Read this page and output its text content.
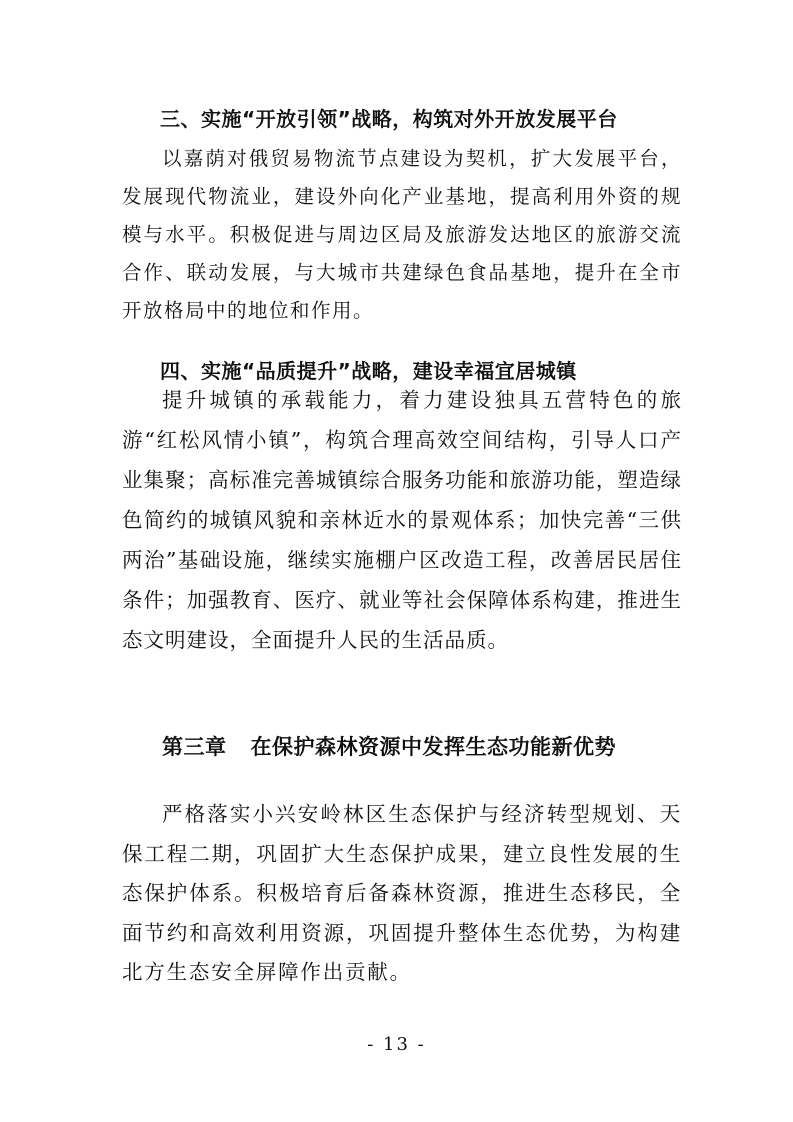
三、实施“开放引领”战略，构筑对外开放发展平台

以嘉荫对俄贸易物流节点建设为契机，扩大发展平台，发展现代物流业，建设外向化产业基地，提高利用外资的规模与水平。积极促进与周边区局及旅游发达地区的旅游交流合作、联动发展，与大城市共建绿色食品基地，提升在全市开放格局中的地位和作用。

四、实施“品质提升”战略，建设幸福宜居城镇

提升城镇的承载能力，着力建设独具五营特色的旅游“红松风情小镇”，构筑合理高效空间结构，引导人口产业集聚；高标准完善城镇综合服务功能和旅游功能，塑造绿色简约的城镇风貌和亲林近水的景观体系；加快完善“三供两治”基础设施，继续实施棚户区改造工程，改善居民居住条件；加强教育、医疗、就业等社会保障体系构建，推进生态文明建设，全面提升人民的生活品质。

第三章 在保护森林资源中发挥生态功能新优势

严格落实小兴安岭林区生态保护与经济转型规划、天保工程二期，巩固扩大生态保护成果，建立良性发展的生态保护体系。积极培育后备森林资源，推进生态移民，全面节约和高效利用资源，巩固提升整体生态优势，为构建北方生态安全屏障作出贡献。

- 13 -
